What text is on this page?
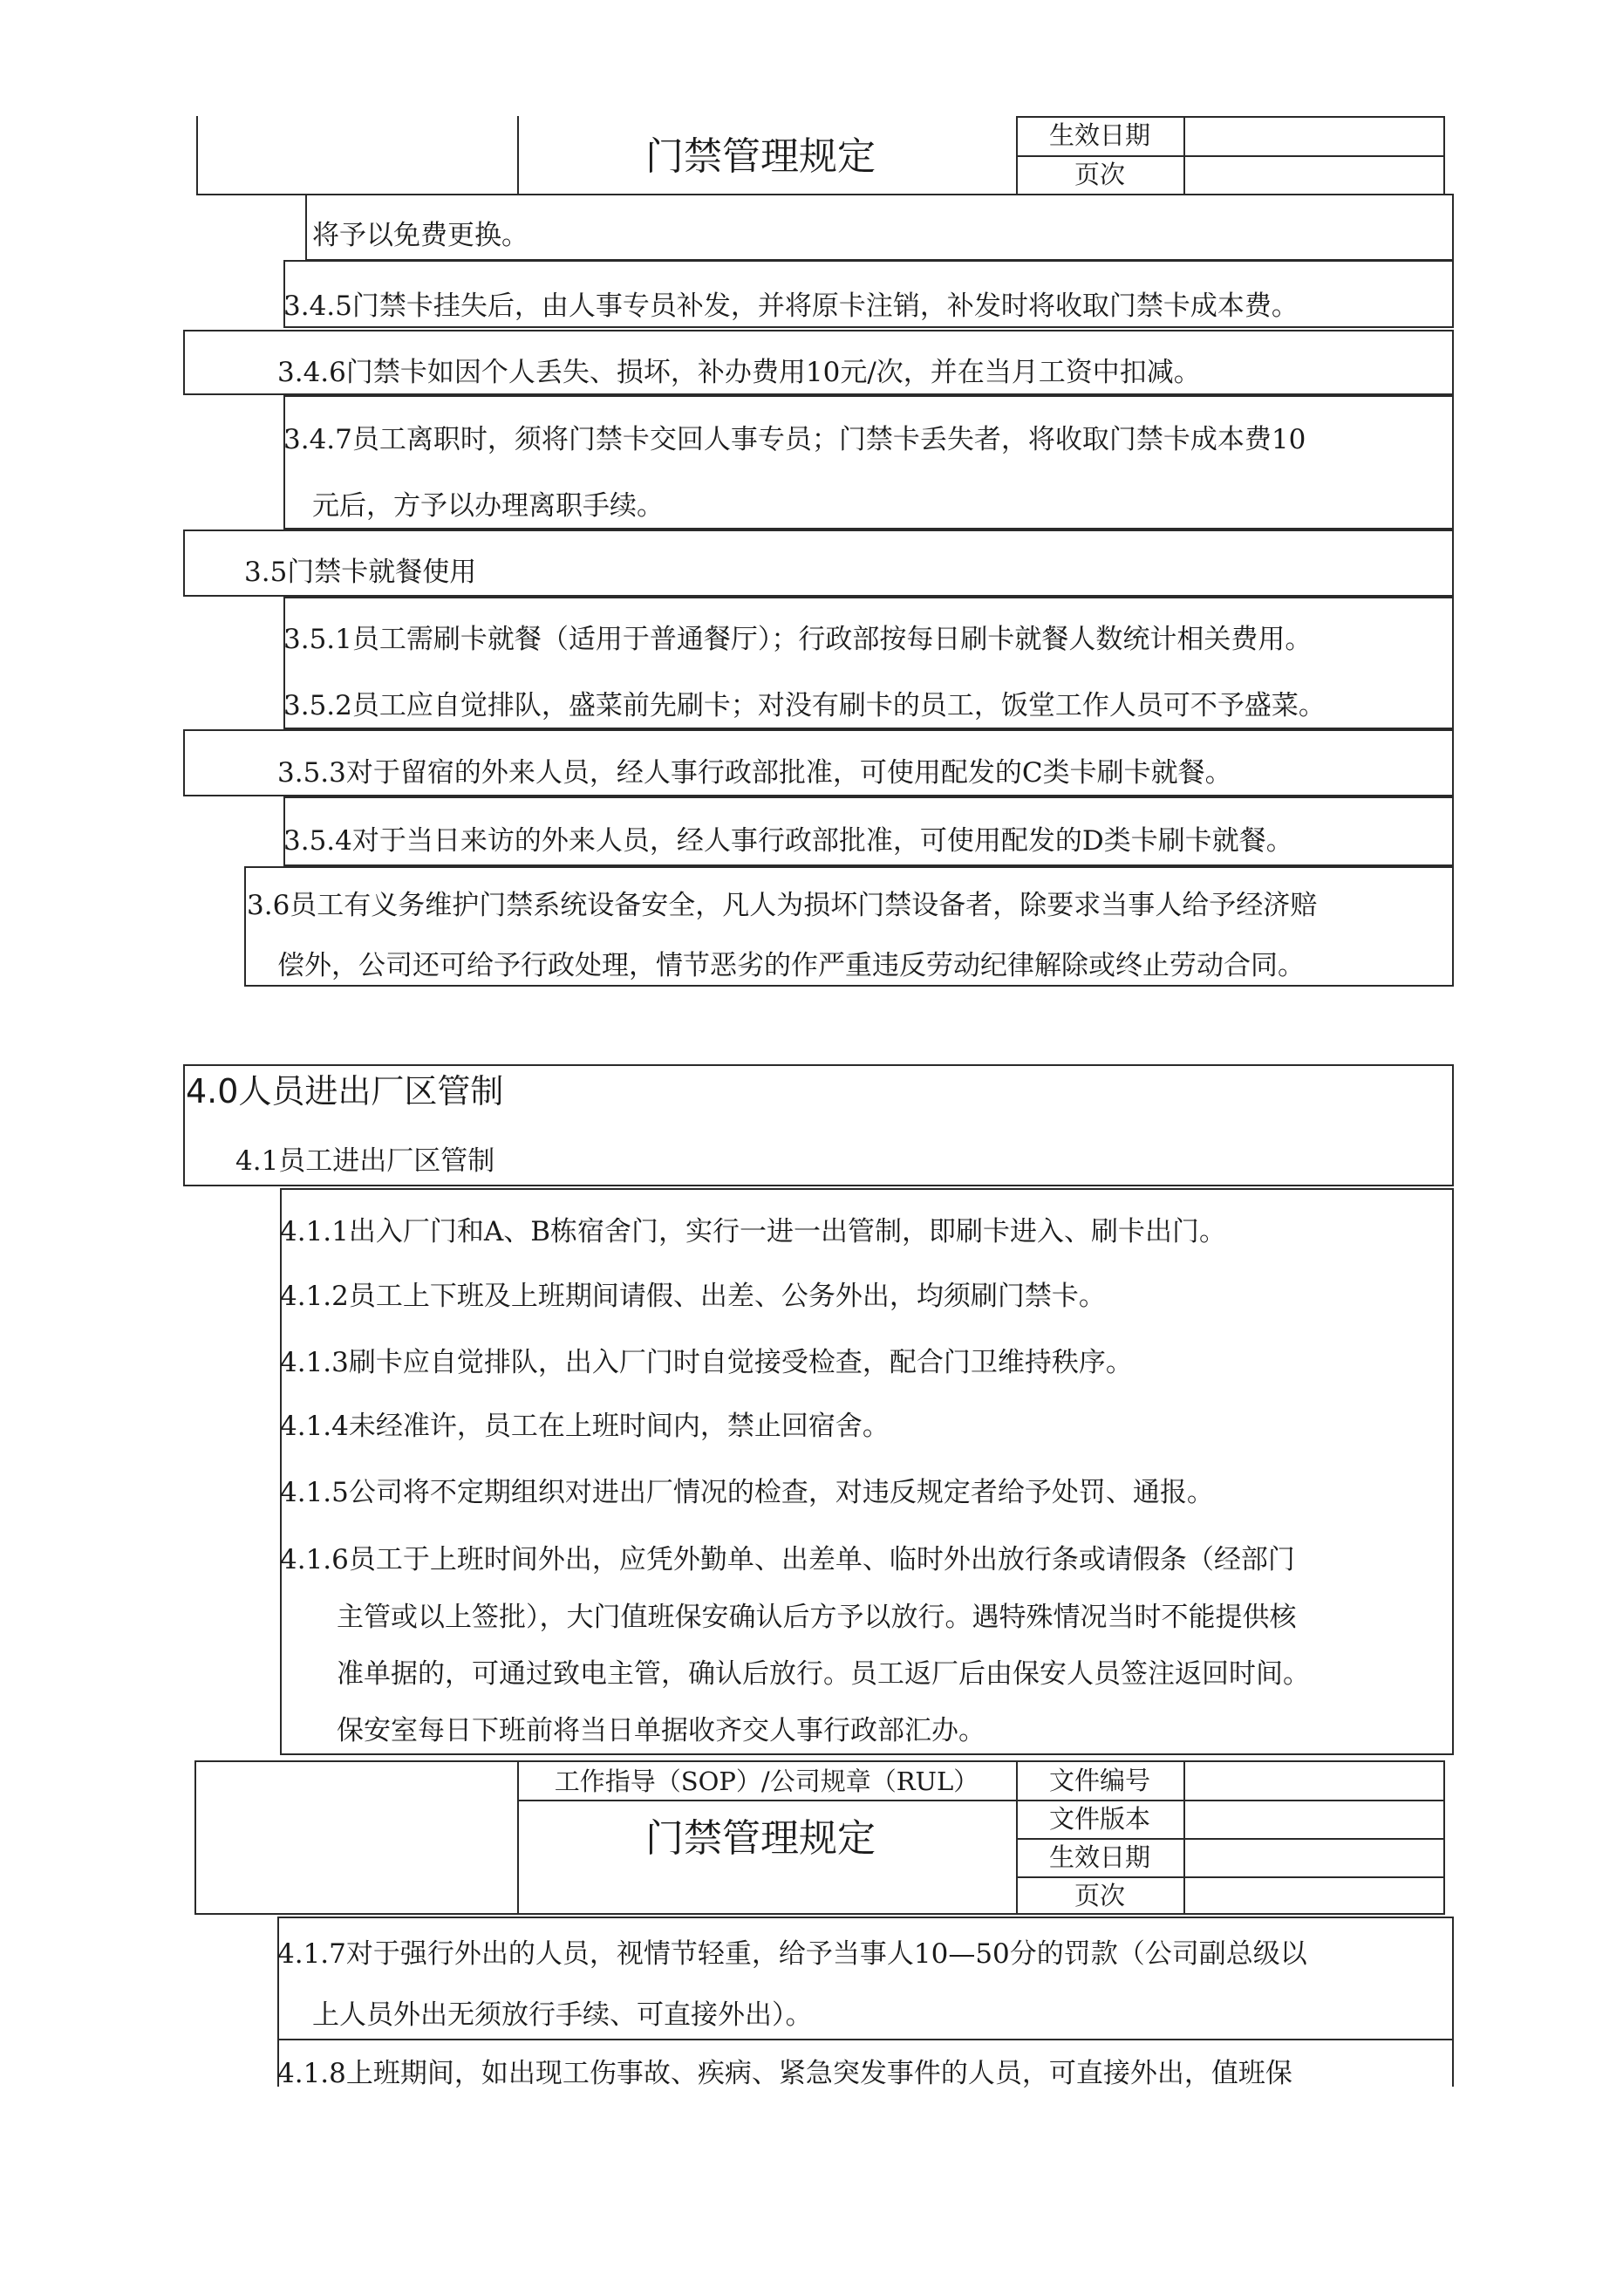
门禁管理规定	生效日期
页次
将予以免费更换。
3.4.5门禁卡挂失后，由人事专员补发，并将原卡注销，补发时将收取门禁卡成本费。
3.4.6门禁卡如因个人丢失、损坏，补办费用10元/次，并在当月工资中扣减。
3.4.7员工离职时，须将门禁卡交回人事专员；门禁卡丢失者，将收取门禁卡成本费10
元后，方予以办理离职手续。
3.5门禁卡就餐使用
3.5.1员工需刷卡就餐（适用于普通餐厅）；行政部按每日刷卡就餐人数统计相关费用。
3.5.2员工应自觉排队，盛菜前先刷卡；对没有刷卡的员工，饭堂工作人员可不予盛菜。
3.5.3对于留宿的外来人员，经人事行政部批准，可使用配发的C类卡刷卡就餐。
3.5.4对于当日来访的外来人员，经人事行政部批准，可使用配发的D类卡刷卡就餐。
3.6员工有义务维护门禁系统设备安全，凡人为损坏门禁设备者，除要求当事人给予经济赔
偿外，公司还可给予行政处理，情节恶劣的作严重违反劳动纪律解除或终止劳动合同。
4.0人员进出厂区管制
4.1员工进出厂区管制
4.1.1出入厂门和A、B栋宿舍门，实行一进一出管制，即刷卡进入、刷卡出门。
4.1.2员工上下班及上班期间请假、出差、公务外出，均须刷门禁卡。
4.1.3刷卡应自觉排队，出入厂门时自觉接受检查，配合门卫维持秩序。
4.1.4未经准许，员工在上班时间内，禁止回宿舍。
4.1.5公司将不定期组织对进出厂情况的检查，对违反规定者给予处罚、通报。
4.1.6员工于上班时间外出，应凭外勤单、出差单、临时外出放行条或请假条（经部门
主管或以上签批），大门值班保安确认后方予以放行。遇特殊情况当时不能提供核
准单据的，可通过致电主管，确认后放行。员工返厂后由保安人员签注返回时间。
保安室每日下班前将当日单据收齐交人事行政部汇办。
工作指导（SOP）/公司规章（RUL）
门禁管理规定
文件编号
文件版本
生效日期
页次
4.1.7对于强行外出的人员，视情节轻重，给予当事人10—50分的罚款（公司副总级以
上人员外出无须放行手续、可直接外出）。
4.1.8上班期间，如出现工伤事故、疾病、紧急突发事件的人员，可直接外出，值班保
